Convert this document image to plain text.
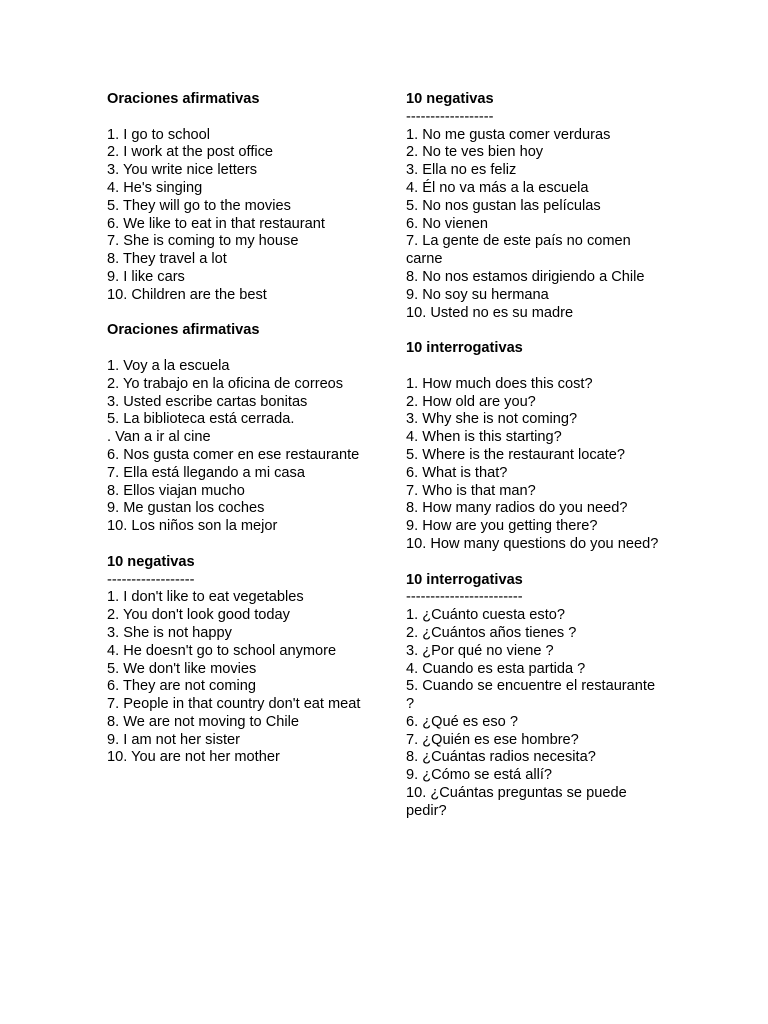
Oraciones afirmativas
1. I go to school
2. I work at the post office
3. You write nice letters
4. He's singing
5. They will go to the movies
6. We like to eat in that restaurant
7. She is coming to my house
8. They travel a lot
9. I like cars
10. Children are the best
Oraciones afirmativas
1. Voy a la escuela
2. Yo trabajo en la oficina de correos
3. Usted escribe cartas bonitas
5. La biblioteca está cerrada.
. Van a ir al cine
6. Nos gusta comer en ese restaurante
7. Ella está llegando a mi casa
8. Ellos viajan mucho
9. Me gustan los coches
10. Los niños son la mejor
10 negativas
------------------
1. I don't like to eat vegetables
2. You don't look good today
3. She is not happy
4. He doesn't go to school anymore
5. We don't like movies
6. They are not coming
7. People in that country don't eat meat
8. We are not moving to Chile
9. I am not her sister
10. You are not her mother
10 negativas
------------------
1. No me gusta comer verduras
2. No te ves bien hoy
3. Ella no es feliz
4. Él no va más a la escuela
5. No nos gustan las películas
6. No vienen
7. La gente de este país no comen carne
8. No nos estamos dirigiendo a Chile
9. No soy su hermana
10. Usted no es su madre
10 interrogativas
1. How much does this cost?
2. How old are you?
3. Why she is not coming?
4. When is this starting?
5. Where is the restaurant locate?
6. What is that?
7. Who is that man?
8. How many radios do you need?
9. How are you getting there?
10. How many questions do you need?
10 interrogativas
------------------------
1. ¿Cuánto cuesta esto?
2. ¿Cuántos años tienes ?
3. ¿Por qué no viene ?
4. Cuando es esta partida ?
5. Cuando se encuentre el restaurante ?
6. ¿Qué es eso ?
7. ¿Quién es ese hombre?
8. ¿Cuántas radios necesita?
9. ¿Cómo se está allí?
10. ¿Cuántas preguntas se puede pedir?
